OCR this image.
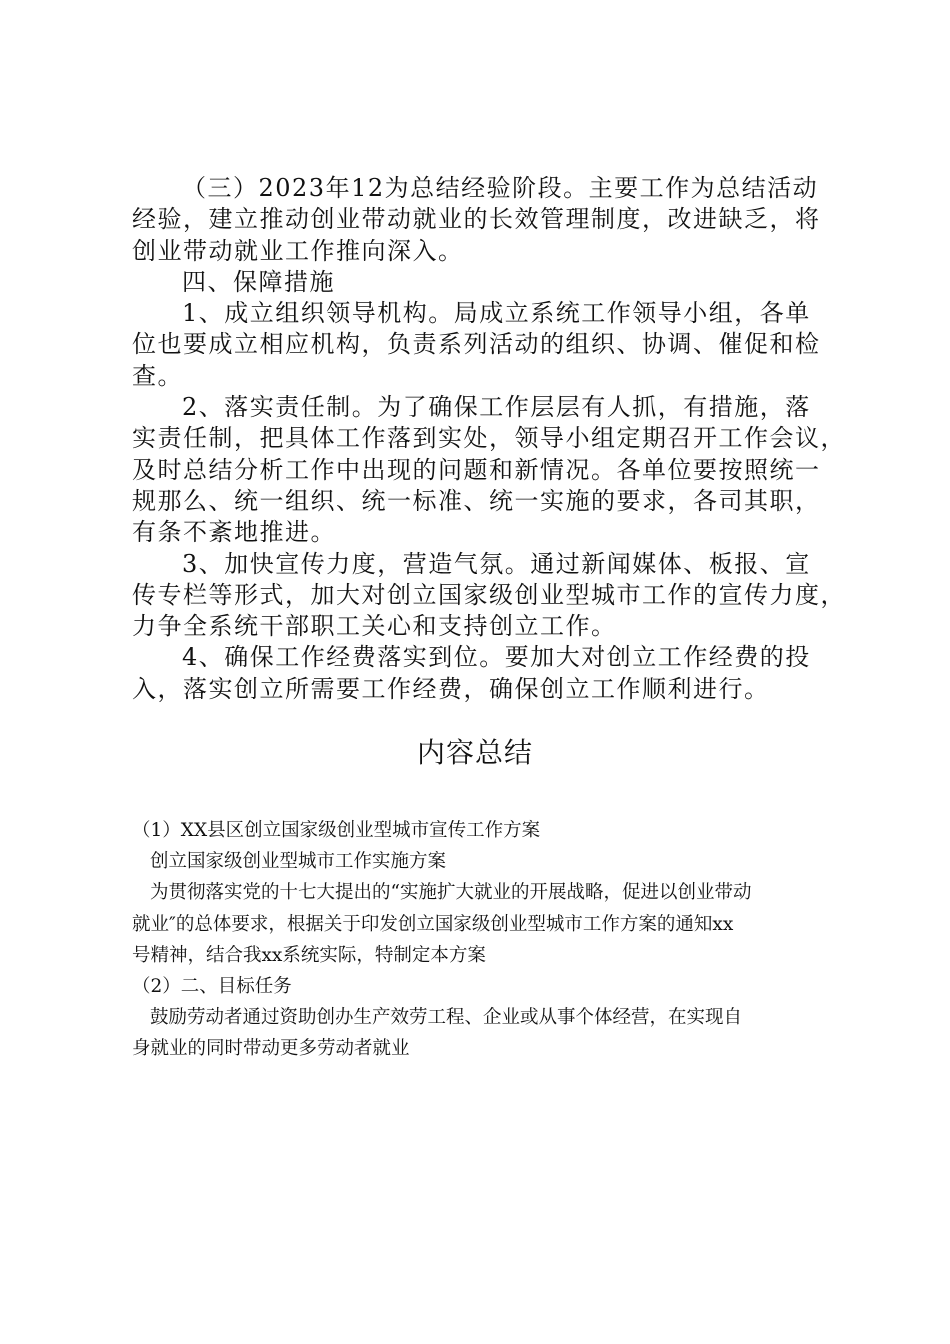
（三）2023年12为总结经验阶段。主要工作为总结活动
经验，建立推动创业带动就业的长效管理制度，改进缺乏，将
创业带动就业工作推向深入。
四、保障措施
1、成立组织领导机构。局成立系统工作领导小组，各单
位也要成立相应机构，负责系列活动的组织、协调、催促和检
查。
2、落实责任制。为了确保工作层层有人抓，有措施，落
实责任制，把具体工作落到实处，领导小组定期召开工作会议，
及时总结分析工作中出现的问题和新情况。各单位要按照统一
规那么、统一组织、统一标准、统一实施的要求，各司其职，
有条不紊地推进。
3、加快宣传力度，营造气氛。通过新闻媒体、板报、宣
传专栏等形式，加大对创立国家级创业型城市工作的宣传力度，
力争全系统干部职工关心和支持创立工作。
4、确保工作经费落实到位。要加大对创立工作经费的投
入，落实创立所需要工作经费，确保创立工作顺利进行。
内容总结
（1）XX县区创立国家级创业型城市宣传工作方案
创立国家级创业型城市工作实施方案
为贯彻落实党的十七大提出的“实施扩大就业的开展战略，促进以创业带动
就业″的总体要求，根据关于印发创立国家级创业型城市工作方案的通知xx
号精神，结合我xx系统实际，特制定本方案
（2）二、目标任务
鼓励劳动者通过资助创办生产效劳工程、企业或从事个体经营，在实现自
身就业的同时带动更多劳动者就业
